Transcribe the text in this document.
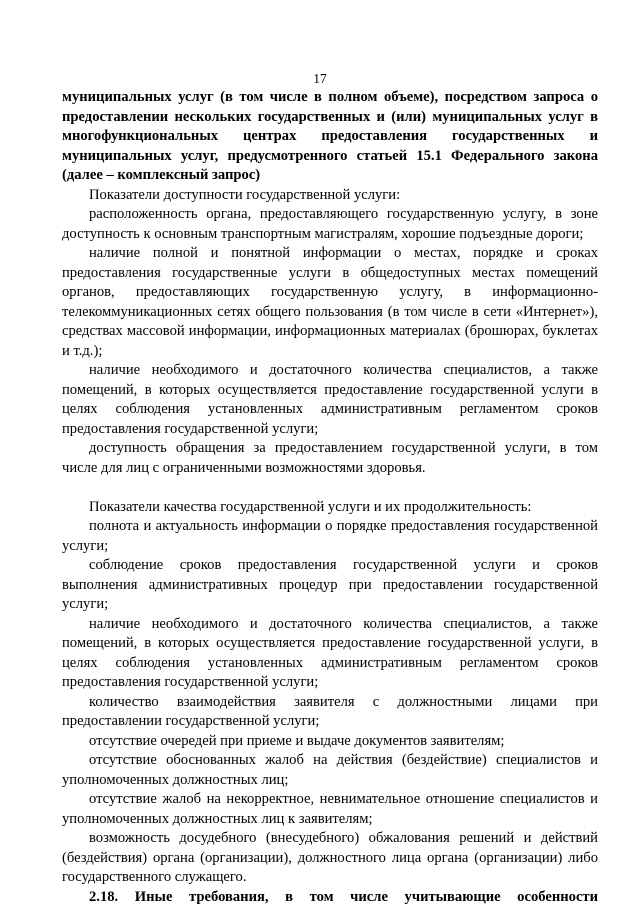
17

муниципальных услуг (в том числе в полном объеме), посредством запроса о предоставлении нескольких государственных и (или) муниципальных услуг в многофункциональных центрах предоставления государственных и муниципальных услуг, предусмотренного статьей 15.1 Федерального закона (далее – комплексный запрос)

Показатели доступности государственной услуги:

расположенность органа, предоставляющего государственную услугу, в зоне доступность к основным транспортным магистралям, хорошие подъездные дороги;

наличие полной и понятной информации о местах, порядке и сроках предоставления государственные услуги в общедоступных местах помещений органов, предоставляющих государственную услугу, в информационно-телекоммуникационных сетях общего пользования (в том числе в сети «Интернет»), средствах массовой информации, информационных материалах (брошюрах, буклетах и т.д.);

наличие необходимого и достаточного количества специалистов, а также помещений, в которых осуществляется предоставление государственной услуги в целях соблюдения установленных административным регламентом сроков предоставления государственной услуги;

доступность обращения за предоставлением государственной услуги, в том числе для лиц с ограниченными возможностями здоровья.

Показатели качества государственной услуги и их продолжительность:

полнота и актуальность информации о порядке предоставления государственной услуги;

соблюдение сроков предоставления государственной услуги и сроков выполнения административных процедур при предоставлении государственной услуги;

наличие необходимого и достаточного количества специалистов, а также помещений, в которых осуществляется предоставление государственной услуги, в целях соблюдения установленных административным регламентом сроков предоставления государственной услуги;

количество взаимодействия заявителя с должностными лицами при предоставлении государственной услуги;

отсутствие очередей при приеме и выдаче документов заявителям;

отсутствие обоснованных жалоб на действия (бездействие) специалистов и уполномоченных должностных лиц;

отсутствие жалоб на некорректное, невнимательное отношение специалистов и уполномоченных должностных лиц к заявителям;

возможность досудебного (внесудебного) обжалования решений и действий (бездействия) органа (организации), должностного лица органа (организации) либо государственного служащего.

2.18. Иные требования, в том числе учитывающие особенности
